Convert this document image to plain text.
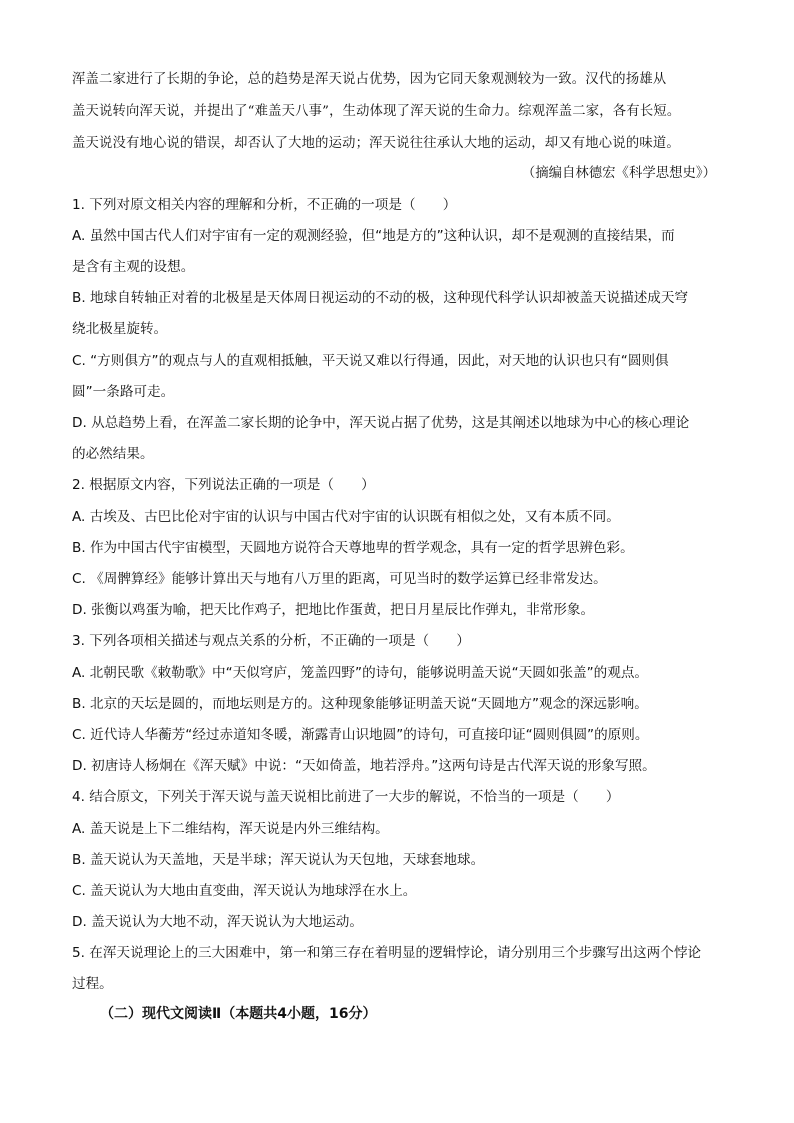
浑盖二家进行了长期的争论，总的趋势是浑天说占优势，因为它同天象观测较为一致。汉代的扬雄从
盖天说转向浑天说，并提出了“难盖天八事”，生动体现了浑天说的生命力。综观浑盖二家，各有长短。
盖天说没有地心说的错误，却否认了大地的运动；浑天说往往承认大地的运动，却又有地心说的味道。
（摘编自林德宏《科学思想史》）
1. 下列对原文相关内容的理解和分析，不正确的一项是（　　）
A. 虽然中国古代人们对宇宙有一定的观测经验，但“地是方的”这种认识，却不是观测的直接结果，而
是含有主观的设想。
B. 地球自转轴正对着的北极星是天体周日视运动的不动的极，这种现代科学认识却被盖天说描述成天穹
绕北极星旋转。
C. “方则俱方”的观点与人的直观相抵触，平天说又难以行得通，因此，对天地的认识也只有“圆则俱
圆”一条路可走。
D. 从总趋势上看，在浑盖二家长期的论争中，浑天说占据了优势，这是其阐述以地球为中心的核心理论
的必然结果。
2. 根据原文内容，下列说法正确的一项是（　　）
A. 古埃及、古巴比伦对宇宙的认识与中国古代对宇宙的认识既有相似之处，又有本质不同。
B. 作为中国古代宇宙模型，天圆地方说符合天尊地卑的哲学观念，具有一定的哲学思辨色彩。
C. 《周髀算经》能够计算出天与地有八万里的距离，可见当时的数学运算已经非常发达。
D. 张衡以鸡蛋为喻，把天比作鸡子，把地比作蛋黄，把日月星辰比作弹丸，非常形象。
3. 下列各项相关描述与观点关系的分析，不正确的一项是（　　）
A. 北朝民歌《敕勒歌》中“天似穹庐，笼盖四野”的诗句，能够说明盖天说“天圆如张盖”的观点。
B. 北京的天坛是圆的，而地坛则是方的。这种现象能够证明盖天说“天圆地方”观念的深远影响。
C. 近代诗人华蘅芳“经过赤道知冬暖，渐露青山识地圆”的诗句，可直接印证“圆则俱圆”的原则。
D. 初唐诗人杨炯在《浑天赋》中说：“天如倚盖，地若浮舟。”这两句诗是古代浑天说的形象写照。
4. 结合原文，下列关于浑天说与盖天说相比前进了一大步的解说，不恰当的一项是（　　）
A. 盖天说是上下二维结构，浑天说是内外三维结构。
B. 盖天说认为天盖地，天是半球；浑天说认为天包地，天球套地球。
C. 盖天说认为大地由直变曲，浑天说认为地球浮在水上。
D. 盖天说认为大地不动，浑天说认为大地运动。
5. 在浑天说理论上的三大困难中，第一和第三存在着明显的逻辑悖论，请分别用三个步骤写出这两个悖论
过程。
（二）现代文阅读Ⅱ（本题共4小题，16分）
